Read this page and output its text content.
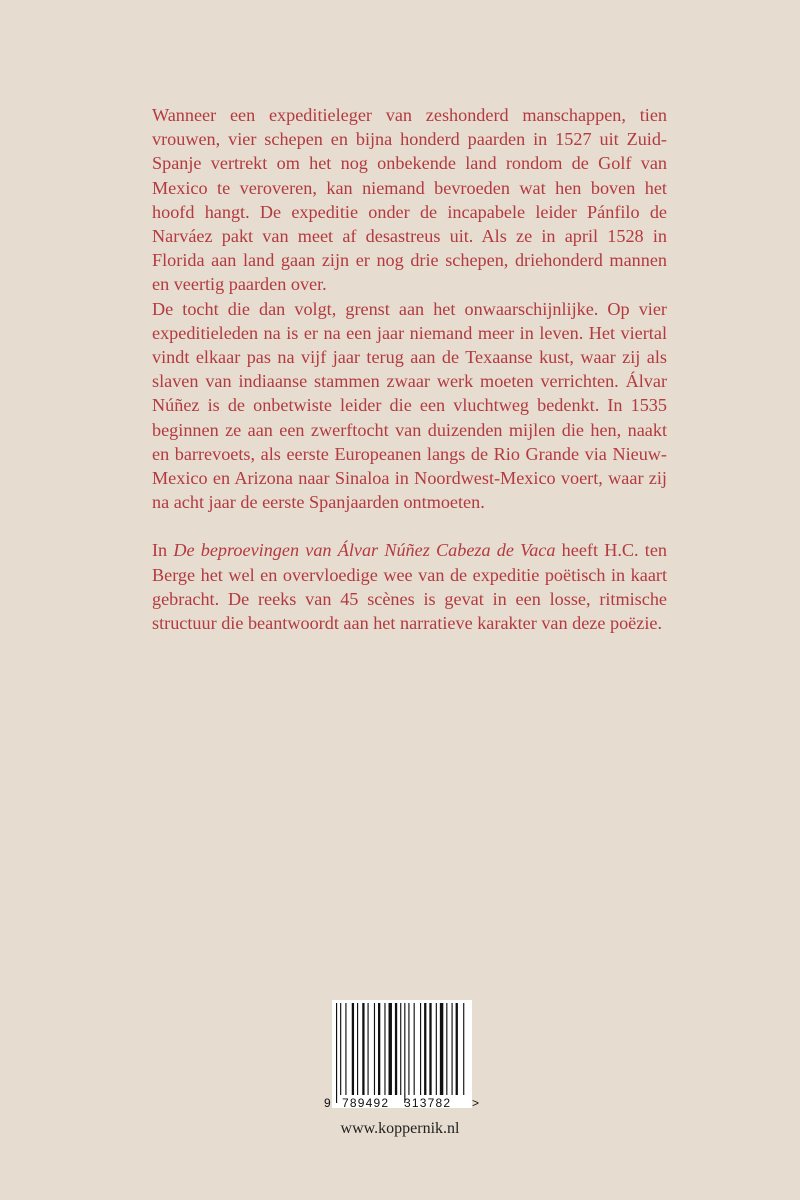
Wanneer een expeditieleger van zeshonderd manschappen, tien vrouwen, vier schepen en bijna honderd paarden in 1527 uit Zuid-Spanje vertrekt om het nog onbekende land rondom de Golf van Mexico te veroveren, kan niemand bevroeden wat hen boven het hoofd hangt. De expeditie onder de incapabele leider Pánfilo de Narváez pakt van meet af desastreus uit. Als ze in april 1528 in Florida aan land gaan zijn er nog drie schepen, driehonderd mannen en veertig paarden over.

De tocht die dan volgt, grenst aan het onwaarschijnlijke. Op vier expeditieleden na is er na een jaar niemand meer in leven. Het viertal vindt elkaar pas na vijf jaar terug aan de Texaanse kust, waar zij als slaven van indiaanse stammen zwaar werk moeten verrichten. Álvar Núñez is de onbetwiste leider die een vluchtweg bedenkt. In 1535 beginnen ze aan een zwerftocht van duizenden mijlen die hen, naakt en barrevoets, als eerste Europeanen langs de Rio Grande via Nieuw-Mexico en Arizona naar Sinaloa in Noordwest-Mexico voert, waar zij na acht jaar de eerste Spanjaarden ontmoeten.

In De beproevingen van Álvar Núñez Cabeza de Vaca heeft H.C. ten Berge het wel en overvloedige wee van de expeditie poëtisch in kaart gebracht. De reeks van 45 scènes is gevat in een losse, ritmische structuur die beantwoordt aan het narratieve karakter van deze poëzie.

9 789492 313782 >
www.koppernik.nl
